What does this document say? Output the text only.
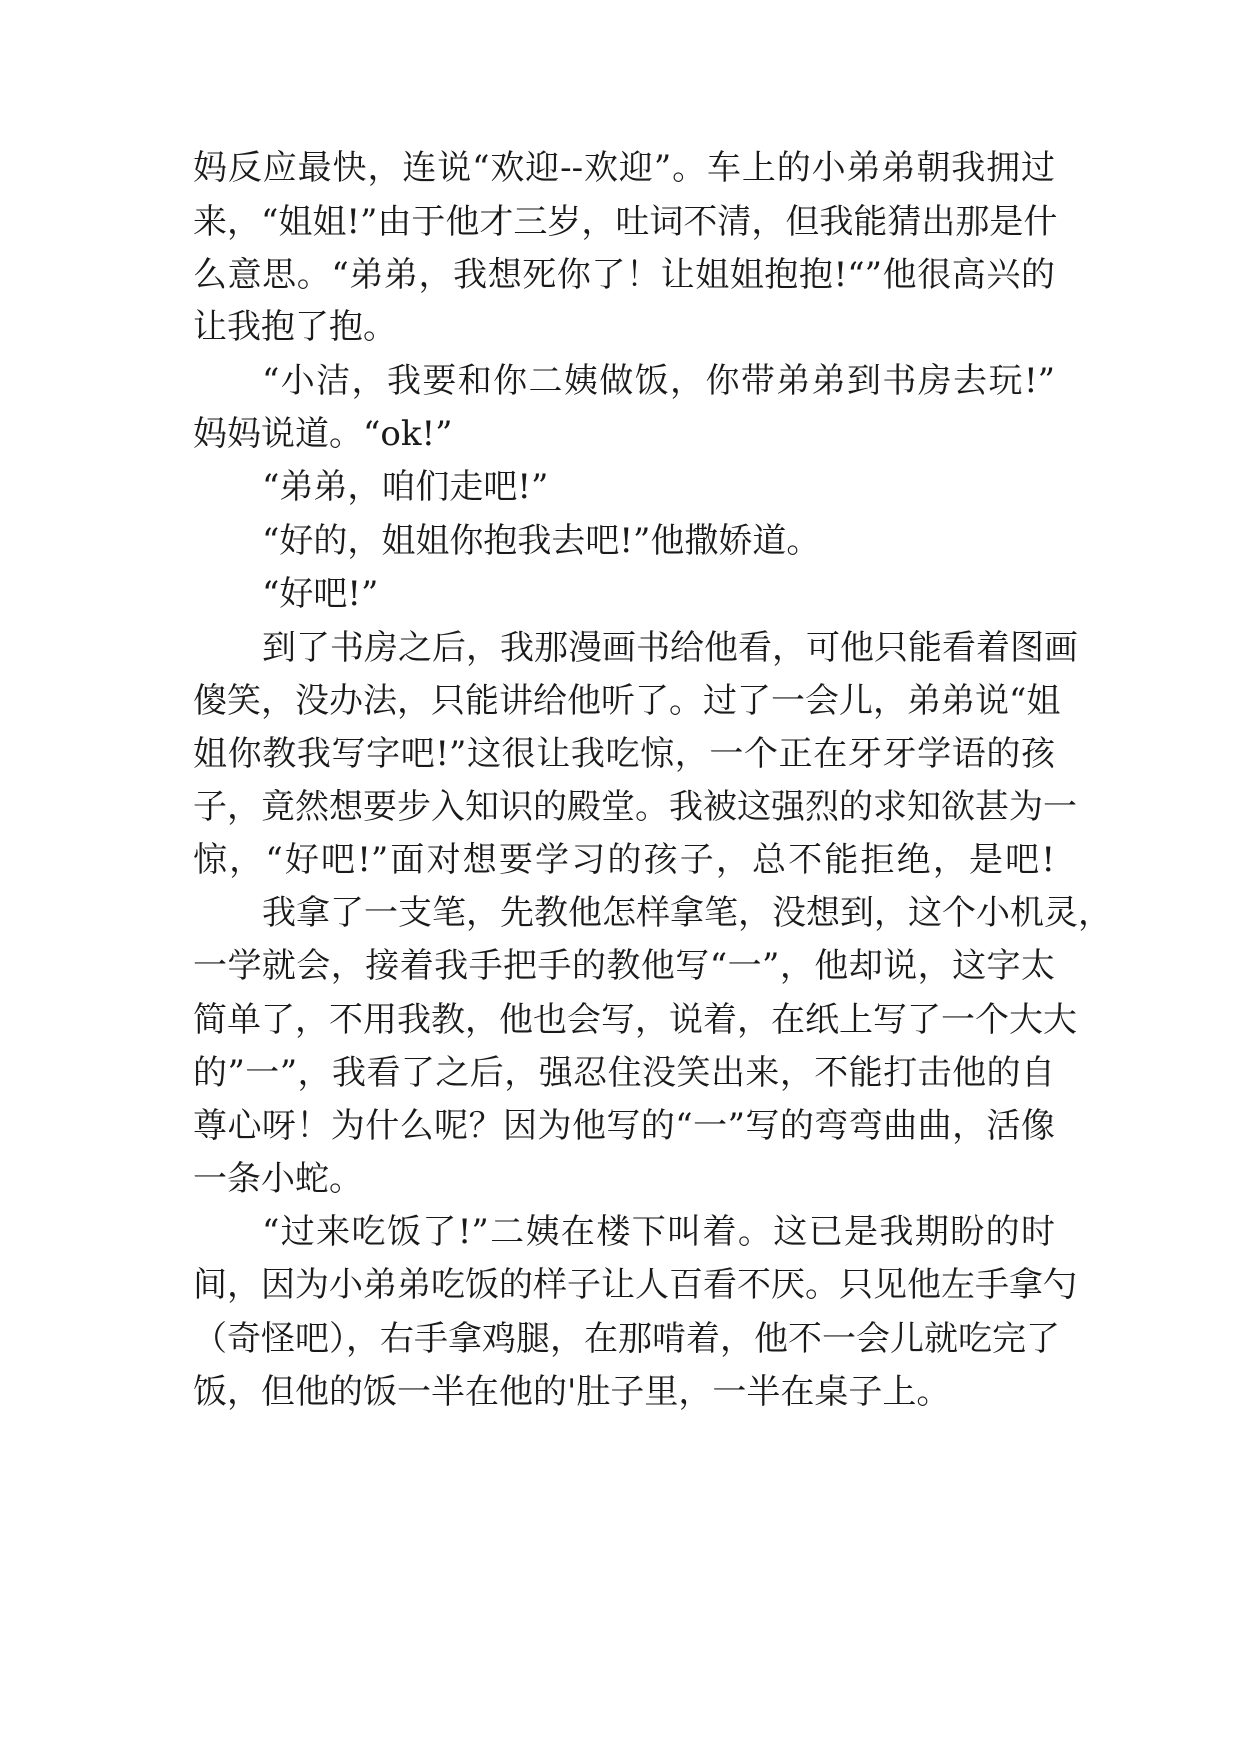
妈反应最快，连说“欢迎--欢迎”。车上的小弟弟朝我拥过
来，“姐姐!”由于他才三岁，吐词不清，但我能猜出那是什
么意思。“弟弟，我想死你了！让姐姐抱抱!“”他很高兴的
让我抱了抱。
“小洁，我要和你二姨做饭，你带弟弟到书房去玩!”
妈妈说道。“ok!”
“弟弟，咱们走吧!”
“好的，姐姐你抱我去吧!”他撒娇道。
“好吧!”
到了书房之后，我那漫画书给他看，可他只能看着图画
傻笑，没办法，只能讲给他听了。过了一会儿，弟弟说“姐
姐你教我写字吧!”这很让我吃惊，一个正在牙牙学语的孩
子，竟然想要步入知识的殿堂。我被这强烈的求知欲甚为一
惊，“好吧!”面对想要学习的孩子，总不能拒绝，是吧!
我拿了一支笔，先教他怎样拿笔，没想到，这个小机灵，
一学就会，接着我手把手的教他写“一”，他却说，这字太
简单了，不用我教，他也会写，说着，在纸上写了一个大大
的”一”，我看了之后，强忍住没笑出来，不能打击他的自
尊心呀！为什么呢？因为他写的“一”写的弯弯曲曲，活像
一条小蛇。
“过来吃饭了!”二姨在楼下叫着。这已是我期盼的时
间，因为小弟弟吃饭的样子让人百看不厌。只见他左手拿勺
（奇怪吧），右手拿鸡腿，在那啃着，他不一会儿就吃完了
饭，但他的饭一半在他的'肚子里，一半在桌子上。
